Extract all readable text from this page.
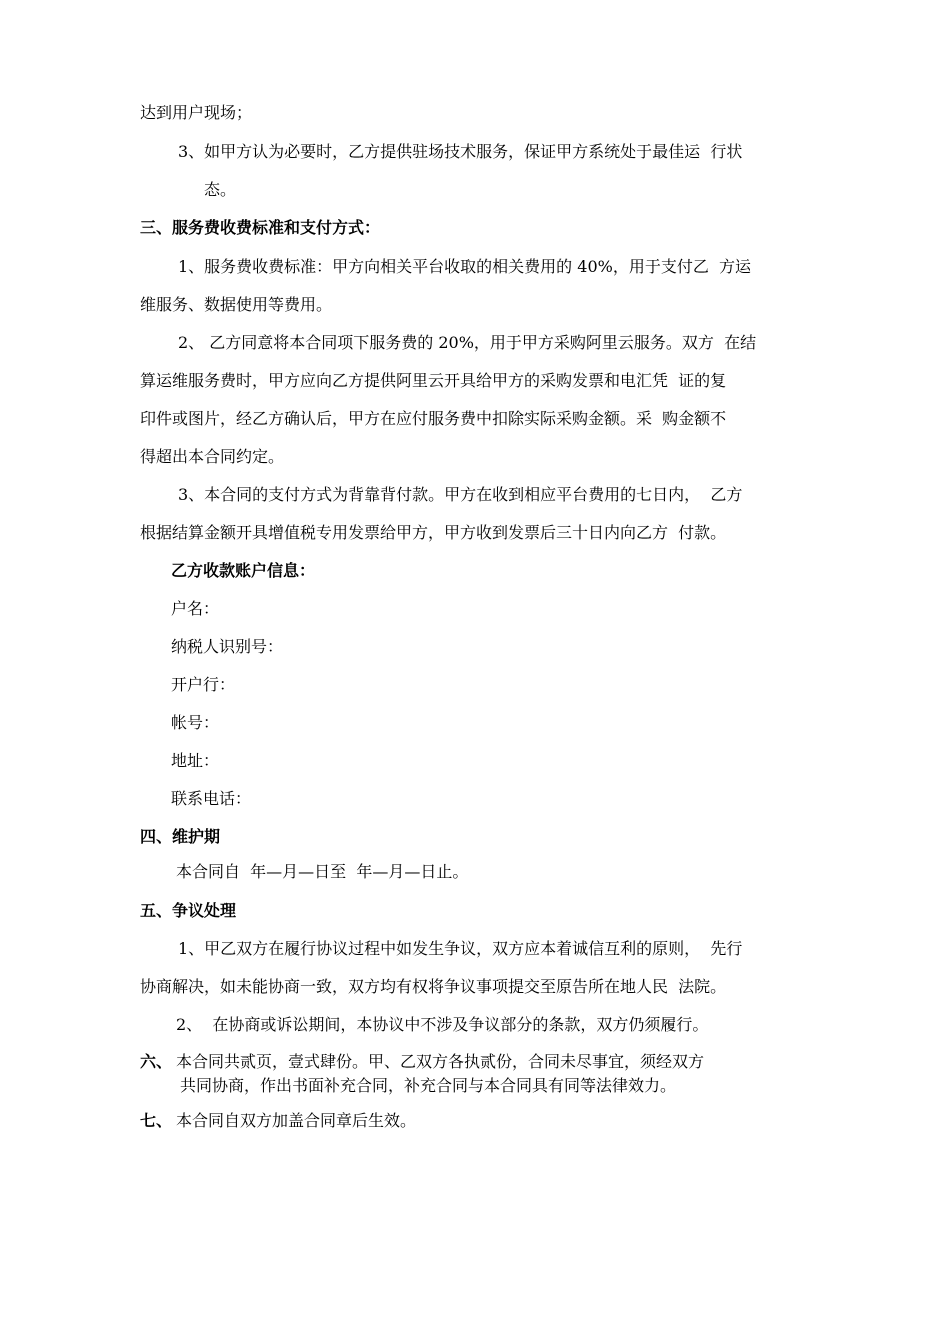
达到用户现场；
3、如甲方认为必要时，乙方提供驻场技术服务，保证甲方系统处于最佳运  行状
态。
三、服务费收费标准和支付方式：
1、服务费收费标准：甲方向相关平台收取的相关费用的 40%，用于支付乙  方运
维服务、数据使用等费用。
2、 乙方同意将本合同项下服务费的 20%，用于甲方采购阿里云服务。双方  在结
算运维服务费时，甲方应向乙方提供阿里云开具给甲方的采购发票和电汇凭  证的复
印件或图片，经乙方确认后，甲方在应付服务费中扣除实际采购金额。采  购金额不
得超出本合同约定。
3、本合同的支付方式为背靠背付款。甲方在收到相应平台费用的七日内，  乙方
根据结算金额开具增值税专用发票给甲方，甲方收到发票后三十日内向乙方  付款。
乙方收款账户信息：
户名：
纳税人识别号：
开户行：
帐号：
地址：
联系电话：
四、维护期
本合同自  年—月—日至  年—月—日止。
五、争议处理
1、甲乙双方在履行协议过程中如发生争议，双方应本着诚信互利的原则，  先行
协商解决，如未能协商一致，双方均有权将争议事项提交至原告所在地人民  法院。
2、  在协商或诉讼期间，本协议中不涉及争议部分的条款，双方仍须履行。
六、 本合同共贰页，壹式肆份。甲、乙双方各执贰份，合同未尽事宜，须经双方
共同协商，作出书面补充合同，补充合同与本合同具有同等法律效力。
七、 本合同自双方加盖合同章后生效。
